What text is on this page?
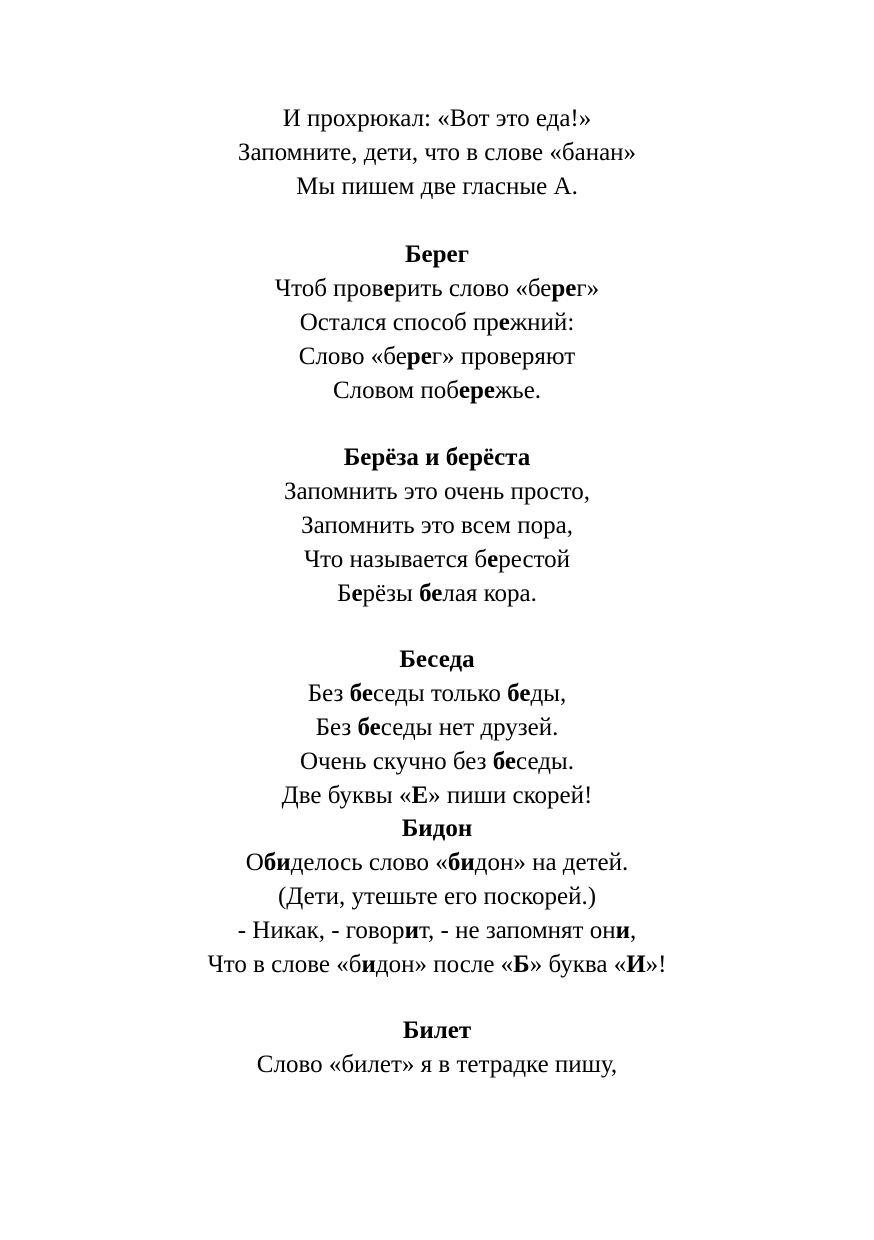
И прохрюкал: «Вот это еда!»
Запомните, дети, что в слове «банан»
Мы пишем две гласные А.
Берег
Чтоб проверить слово «берег»
Остался способ прежний:
Слово «берег» проверяют
Словом побережье.
Берёза и берёста
Запомнить это очень просто,
Запомнить это всем пора,
Что называется берестой
Берёзы белая кора.
Беседа
Без беседы только беды,
Без беседы нет друзей.
Очень скучно без беседы.
Две буквы «Е» пиши скорей!
Бидон
Обиделось слово «бидон» на детей.
(Дети, утешьте его поскорей.)
- Никак, - говорит, - не запомнят они,
Что в слове «бидон» после «Б» буква «И»!
Билет
Слово «билет» я в тетрадке пишу,
